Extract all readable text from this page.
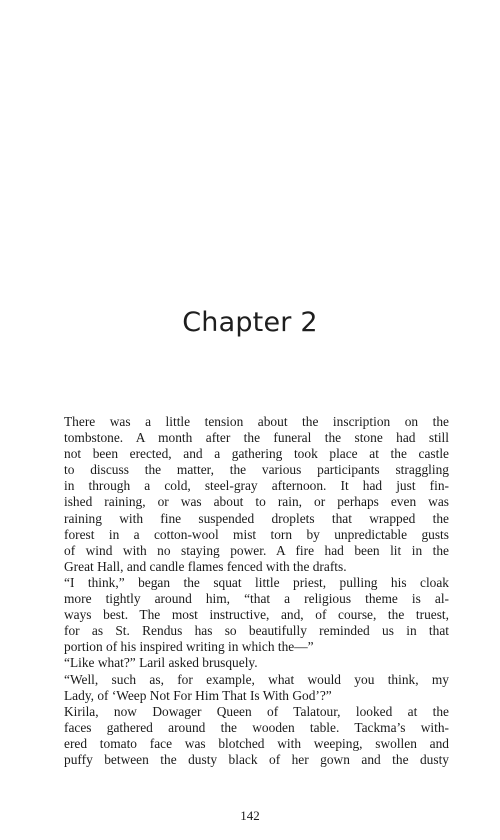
Chapter 2
There was a little tension about the inscription on the
tombstone. A month after the funeral the stone had still
not been erected, and a gathering took place at the castle
to discuss the matter, the various participants straggling
in through a cold, steel-gray afternoon. It had just fin-
ished raining, or was about to rain, or perhaps even was
raining with fine suspended droplets that wrapped the
forest in a cotton-wool mist torn by unpredictable gusts
of wind with no staying power. A fire had been lit in the
Great Hall, and candle flames fenced with the drafts.
“I think,” began the squat little priest, pulling his cloak
more tightly around him, “that a religious theme is al-
ways best. The most instructive, and, of course, the truest,
for as St. Rendus has so beautifully reminded us in that
portion of his inspired writing in which the—”
“Like what?” Laril asked brusquely.
“Well, such as, for example, what would you think, my
Lady, of ‘Weep Not For Him That Is With God’?”
Kirila, now Dowager Queen of Talatour, looked at the
faces gathered around the wooden table. Tackma’s with-
ered tomato face was blotched with weeping, swollen and
puffy between the dusty black of her gown and the dusty
142
